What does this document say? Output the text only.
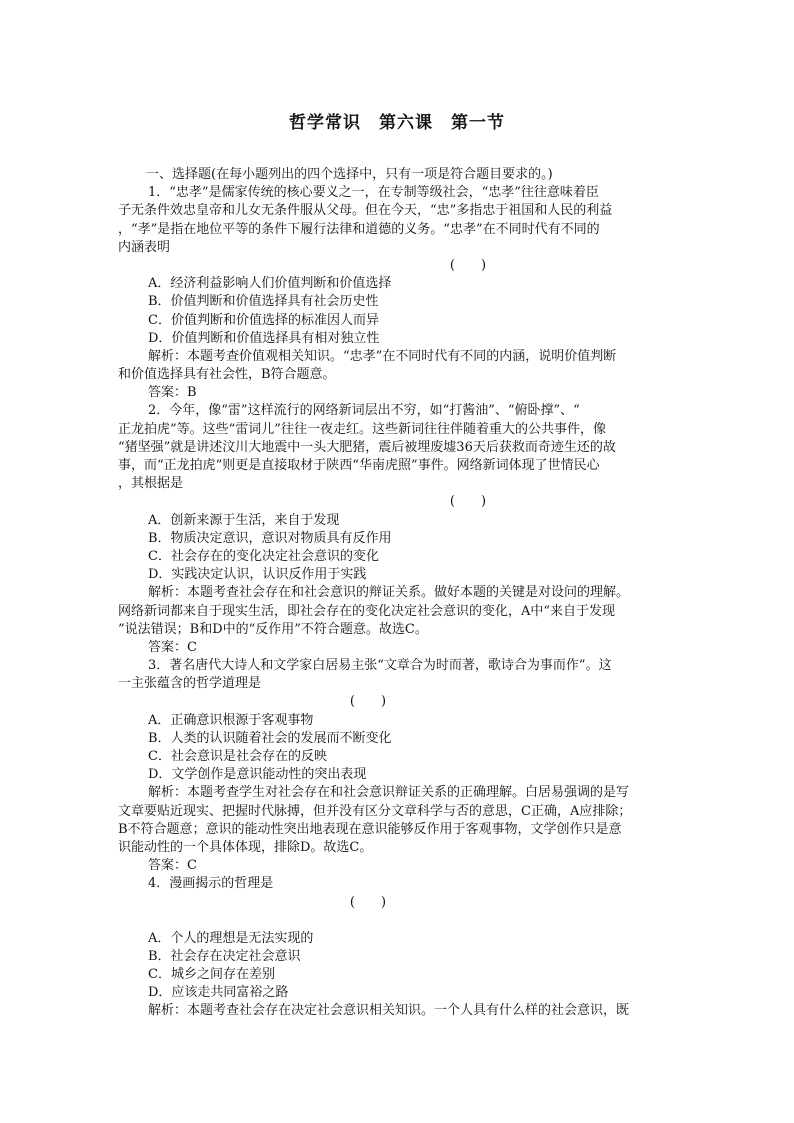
哲学常识　第六课　第一节
一、选择题(在每小题列出的四个选择中，只有一项是符合题目要求的。)
1．“忠孝”是儒家传统的核心要义之一，在专制等级社会，“忠孝”往往意味着臣
子无条件效忠皇帝和儿女无条件服从父母。但在今天，“忠”多指忠于祖国和人民的利益
，“孝”是指在地位平等的条件下履行法律和道德的义务。“忠孝”在不同时代有不同的
内涵表明
(　　)
A．经济利益影响人们价值判断和价值选择
B．价值判断和价值选择具有社会历史性
C．价值判断和价值选择的标准因人而异
D．价值判断和价值选择具有相对独立性
解析：本题考查价值观相关知识。“忠孝”在不同时代有不同的内涵，说明价值判断
和价值选择具有社会性，B符合题意。
答案：B
2．今年，像“雷”这样流行的网络新词层出不穷，如“打酱油”、“俯卧撑”、“
正龙拍虎”等。这些“雷词儿”往往一夜走红。这些新词往往伴随着重大的公共事件，像
“猪坚强”就是讲述汶川大地震中一头大肥猪，震后被埋废墟36天后获救而奇迹生还的故
事，而“正龙拍虎”则更是直接取材于陕西“华南虎照”事件。网络新词体现了世情民心
，其根据是
(　　)
A．创新来源于生活，来自于发现
B．物质决定意识，意识对物质具有反作用
C．社会存在的变化决定社会意识的变化
D．实践决定认识，认识反作用于实践
解析：本题考查社会存在和社会意识的辩证关系。做好本题的关键是对设问的理解。
网络新词都来自于现实生活，即社会存在的变化决定社会意识的变化，A中“来自于发现
”说法错误；B和D中的“反作用”不符合题意。故选C。
答案：C
3．著名唐代大诗人和文学家白居易主张“文章合为时而著，歌诗合为事而作”。这
一主张蕴含的哲学道理是
(　　)
A．正确意识根源于客观事物
B．人类的认识随着社会的发展而不断变化
C．社会意识是社会存在的反映
D．文学创作是意识能动性的突出表现
解析：本题考查学生对社会存在和社会意识辩证关系的正确理解。白居易强调的是写
文章要贴近现实、把握时代脉搏，但并没有区分文章科学与否的意思，C正确，A应排除；
B不符合题意；意识的能动性突出地表现在意识能够反作用于客观事物，文学创作只是意
识能动性的一个具体体现，排除D。故选C。
答案：C
4．漫画揭示的哲理是
(　　)
A．个人的理想是无法实现的
B．社会存在决定社会意识
C．城乡之间存在差别
D．应该走共同富裕之路
解析：本题考查社会存在决定社会意识相关知识。一个人具有什么样的社会意识，既
